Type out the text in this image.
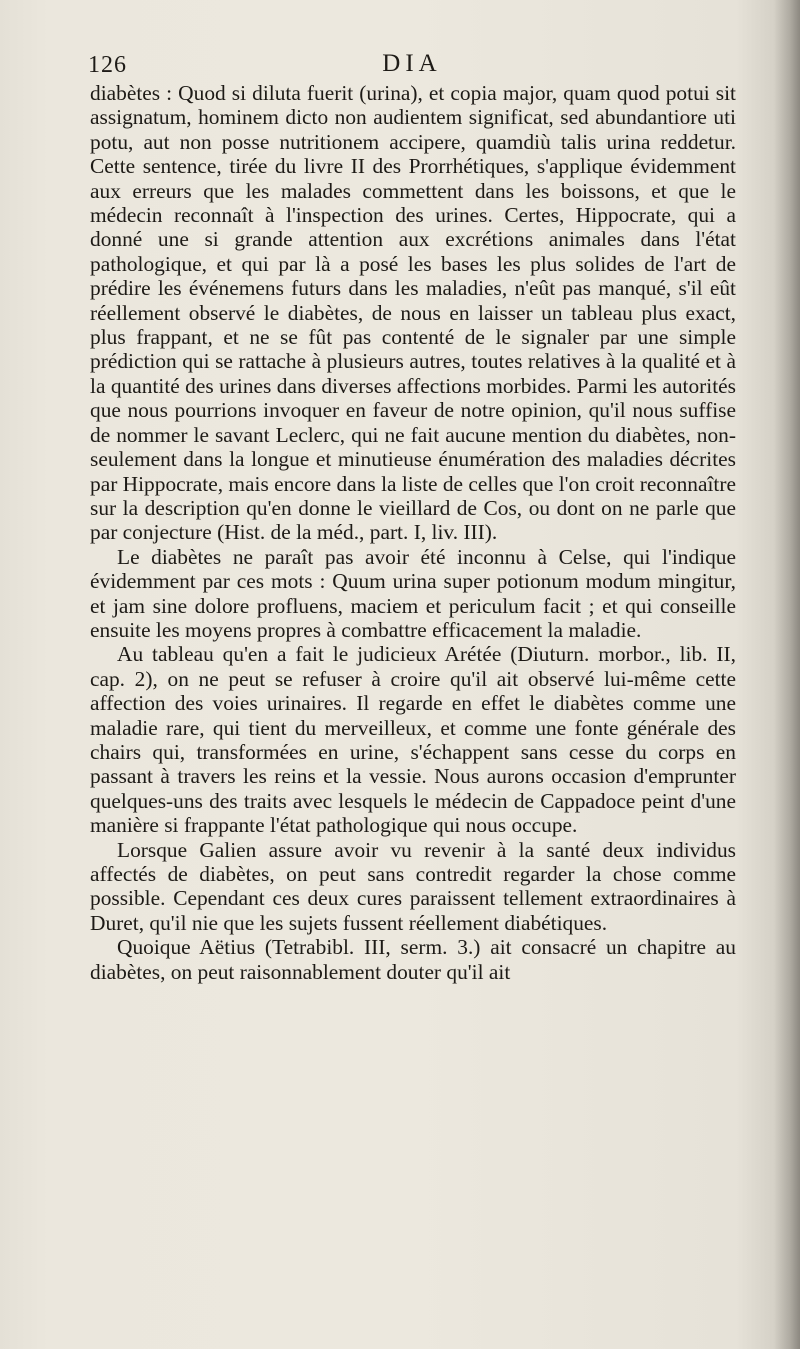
126	DIA

diabètes : Quod si diluta fuerit (urina), et copia major, quam quod potui sit assignatum, hominem dicto non audientem significat, sed abundantiore uti potu, aut non posse nutritionem accipere, quamdiù talis urina reddetur. Cette sentence, tirée du livre II des Prorrhétiques, s'applique évidemment aux erreurs que les malades commettent dans les boissons, et que le médecin reconnaît à l'inspection des urines. Certes, Hippocrate, qui a donné une si grande attention aux excrétions animales dans l'état pathologique, et qui par là a posé les bases les plus solides de l'art de prédire les événemens futurs dans les maladies, n'eût pas manqué, s'il eût réellement observé le diabètes, de nous en laisser un tableau plus exact, plus frappant, et ne se fût pas contenté de le signaler par une simple prédiction qui se rattache à plusieurs autres, toutes relatives à la qualité et à la quantité des urines dans diverses affections morbides. Parmi les autorités que nous pourrions invoquer en faveur de notre opinion, qu'il nous suffise de nommer le savant Leclerc, qui ne fait aucune mention du diabètes, non-seulement dans la longue et minutieuse énumération des maladies décrites par Hippocrate, mais encore dans la liste de celles que l'on croit reconnaître sur la description qu'en donne le vieillard de Cos, ou dont on ne parle que par conjecture (Hist. de la méd., part. I, liv. III).

Le diabètes ne paraît pas avoir été inconnu à Celse, qui l'indique évidemment par ces mots : Quum urina super potionum modum mingitur, et jam sine dolore profluens, maciem et periculum facit ; et qui conseille ensuite les moyens propres à combattre efficacement la maladie.

Au tableau qu'en a fait le judicieux Arétée (Diuturn. morbor., lib. II, cap. 2), on ne peut se refuser à croire qu'il ait observé lui-même cette affection des voies urinaires. Il regarde en effet le diabètes comme une maladie rare, qui tient du merveilleux, et comme une fonte générale des chairs qui, transformées en urine, s'échappent sans cesse du corps en passant à travers les reins et la vessie. Nous aurons occasion d'emprunter quelques-uns des traits avec lesquels le médecin de Cappadoce peint d'une manière si frappante l'état pathologique qui nous occupe.

Lorsque Galien assure avoir vu revenir à la santé deux individus affectés de diabètes, on peut sans contredit regarder la chose comme possible. Cependant ces deux cures paraissent tellement extraordinaires à Duret, qu'il nie que les sujets fussent réellement diabétiques.

Quoique Aëtius (Tetrabibl. III, serm. 3.) ait consacré un chapitre au diabètes, on peut raisonnablement douter qu'il ait
